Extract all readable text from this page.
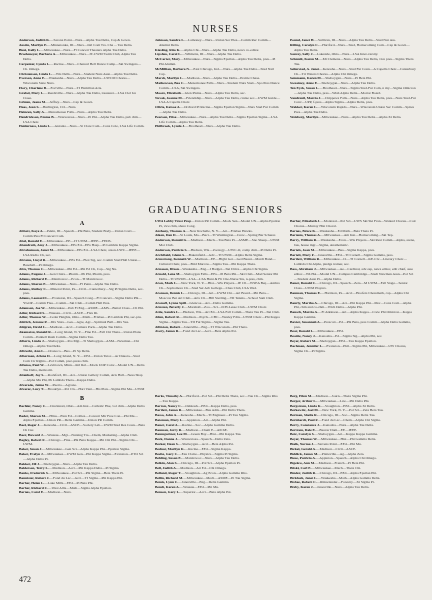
NURSES

Anderson, Judith K.—Sarona Point—Nurs—Alpha Tau Delta, Cap & Gown.

Austin, Marilyn E.—Minnetonka, III—Nurs—Intl Com Tra. Cha ... Tau Delta.

Biesi, Kelly L.—Milwaukee—Nurs—Fl Concert Theaters Alpha Tau Delta.

Brockmeyer, Barbara A.—Milwaukee—Nurs—IT-CWM Swim Club, Alpha Tau Delta.

Carpenter, Lynda L.—Racine—Nurs—Chancel Bell Dance Camp—Ski Swingers—Ch. Omega.

Christenson, Linda L.—Wis Dells—Nurs—Student Nurs Assn—Alpha Tau Delta.

Everson, Anne E.—Waukesha—Nurs—Alpha Tau Delta—UWCM Chorus—Wisconsin State Nurs.

Flory, Charlene B.—Fortville—Nurs—TI Hamilton Arts.

Grabel, Mary L.—Reedsville—Nurs—Alpha Tau Delta, treasurer—LSA Clel Ice Ctaee.

Grimm, Jeana M.—Jeffrey—Nurs—Cap & Gown.

Haas, Jean S.—Burlington, CO—Nurs.

Heinzen, Sally A.—Menomonee Falls—Nurs—Alpha Tau Delta.

Hendrickson, Emma B.—Wauwatosa—Nurs—Pi Phi—Alpha Tau Delta, pub chm—LSA Choir.

Holderness, Linda L.—Antonio—Nurs—St Clare Com—Cons Cole, LSA Life Comm.

Johnson, Sandra L.—Lamoney—Nurs—Union Sec Plea—Comm Rec Comm—Alumni Delta.

Kiesling, Rita K.—Alpha Chi—Nurs—Alpha Tau Delta, news co-editor.

Lipshus, Carol L.—Wilmette, III—Nurs—Alpha Tau Delta.

McCarter, Mary—Milwaukee—Nurs—Sigma Epsilon—Alpha Tau Delta, pres—Pi Phi Alumni.

McMillian, Barbara N.—East Chicago, Ind.—Nurs—Alpha Tau Delta—Stud Natl Cap.

Marsh, Marilyn L.—Madison—Nurs—Alpha Tau Delta—Prairie Chase.

Mathewson, Bea C.—Menomonee Falls—Nurs—Student Nurs Stud—Spo Pres Dance Comm—LSA, Ski Swingers.

Moore, Elizabeth—Glen Plains—Nurs—Alpha Tau Delta, sec.

Novak, Joanne M.—Friendship—Nurs—Alpha Tau Delta, cruise sec—UWM Guide—LSA A Capella Choir.

Olivia, Ketsoe A.—Orchard Pl Racine—Sigma Epsilon Sigma—Nurs Stud Fut Comm—Alpha Tau Delta.

Pearson, Elise—Milwaukee—Nurs—Alpha Tau Delta—Sigma Epsilon Sigma—LSA Life Comm—Alpha Tau Delta.

Philbrook, Lynda J.—Brodhead—Nurs—Alpha Tau Delta.

Pound, Janet H.—Sullivan, III—Nurs—Alpha Tau Delta—Stud Nur Ass.

Rilling, Carolyn C.—Hartford—Nurs—Stud, Homecoming Com—Cap & Gown—Alpha Tau Delta.

Sauvey, Sally J.—Lakeside, Ohio—Nurs—LSA Inter-varsity.

Schmidt, Karen M.—Mt Clemens—Nurs—Alpha Tau Delta, vice pres—Sigma Theta Tau.

Seilerstad, A. Janet—Kenosha—Nurs—Stud Fut Conn—A Capella Choir—Canterbury Ch—Tri Waters Chorus—Alpha Chi Omega.

Semmann, Karen M.—Sheboygan—Nurs—Pi Beta Phi.

Sweatney, Anne E.—Sheboygan—Nurs—Alpha Tau Delta.

Ten Eyck, Susan L.—Brodhead—Nurs—Sigma Stud-Fut Com, n my—Sigma Omicron—Alpha Tau Delta, pres—Wish Alpha Delta—Mortar Board.

Vaudreuil, Marcia J.—Chippewa Falls—Nurs—Alpha Tau Delta, pres—Nurs Stud-Fut Conv—UPP, f-pres—Alpha Sigma—Alpha Delta, pres.

Wakker, Karen L.—Wisconsin Rapids—Nurs—Wisconsin Union Sec Comm—Spires Pres—Alpha Tau Delta.

Weisberg, Marilyn—Milwaukee—Nurs—Alpha Tau Delta—Alpha Xi Delta.

GRADUATING SENIORS
A

Abbott, Kaye A.—Pekin, III—Speech—Phi Beta, Student Body—Union Conv—Comm Plea Fl Concert Com.

Abel, Ronald E.—Milwaukee—EE—IT UWM—IEEE—FEDS.

Abendroth, Amy J.—Milwaukee—EEs Ed—EEs Hasp—Pi Lambda Kappa Sigma.

Abrahamson, Janet M.—Milwaukee—EEs Ed—LSA Choir, arson-UWC—IEEE—LSA Radio Ch, sec.

Abrams, Lloyd R.—Milwaukee—EEs Ed—Flex Sig, sec. Comm Stud Hall Union—Baseball—Pi Omega.

Abts, Thomas C.—Milwaukee—Phi Ed—Phi Ed Ch, Cap—Sig Nu.

Adams, Eugene J.—Gen Clairs—Pharm—Ph Phi, Pharm, pres.

Adams, Richard E.—Manitowoc—Econ—TI Manitowoc.

Adams, Sharon E.—Milwaukee—Nurs—Fl Penn—Alpha Tau Delta.

Adams, Ruthey C.—Mineral Point, Pa—Civil—Canterbury—Sig Pi Sigma Delta, sec-pres.

Adams, Leonard L.—Evanston, III—Speech Cong—Fl Concert—Sigma Delta Phi—YGOP—Comm Flea—Comm—Ski Club—Comm Hall Pres.

Adamson, Joe W.—Milwaukee—Pub Fi Eng—ASME—AMS—Bettal Class—Cli Phi.

Adler, Richard S.—Wausau—Civil—ASCE—Flex Ri.

Adler, Thomas W.—Cedar Heights, Ohio—Math—Frisbee—Pi Lambda Phi, sec-ptu.

Ahlrich, Jerome P.—Dix Stats—Ges—Agre, Agr—Spiritual Ball—Dix Vee.

Ahlgren, David L.—Madison—Acct—Camera Pack—Alpha Tau Delta.

Akamatsu, Ronald R.—Long Island, N. Y.—Fine Ed—Fall Chi Theta—Union Plans Comm—Panhell Rush Comm—Sigma Delta Tau.

Alberts, Linda J.—Sheboygan—Pos Mgt—Ti Sheboygan—ASM—Newman—Chi Omega—Alpha Tau Delta.

Albrecht, Ann L.—Oronoco—Bus—Pi Sp Delta.

Alberman, Arlene D.—Long Island, N. Y.—UEd—Union Tutor—Ar Dakota—Stud Com Cir Rights—Pol Comm, prec-press chm.

Alfonso, Paul W.—Levittown, Minn—Intl Rel—Mock UOP Conv—Model UN—Delta Tau Delta, memo mt.

Altenhoff, Jay S.—Rockford, III—Art—Union Gallery Comm, Arts Hall—Nesa Shap—Alpha Mu Phi, Ph Lambda Theta—Kappa Delta.

Alvarado, Jaime W.—Puerto—Agrono.

Alvarez, Lucy T.—Brooklyn—Pol Cls—Hart Vant—Hts Plan—Sigma Phi Mu—UWM

UWA Lobby Trust Prop—Union PR Comm—Mock Sen—Model UN—Alpha Epsilon Pi, vice chm, share Cong.

Anthony, Thomas A.—New Rochelle, N. Y.—Art—Frisbee Hawks.

Aiken, Dan D.—St Louis, Mo—Bact—TI Washington—Crew—Spring Bar Scherer.

Anderson, Ronald G.—Madison—Mech—Tau Beta Pi—ASME—Sno Sheep—UWM Mot Club.

Anderson, Patricia S.—Hudson, Wis—Zoology—UWC-O, comp chm—Pi Delta Pi.

Archibald, Glenn S.—Bakersfield—Adv—TI UWM—Alpha Delta Sigma.

Armstrong, Kenneth W.—Madison—EE—Hight Ger—Ged Beaut—Mardi Band—Cultural Chair, pres—Brid Marrow—Sigma Tau—Phi Kappa Theta.

Arnason, Dixon—Waukesha—Eng—I Badger—Ski Drive—Alpha Chi Sigma.

Arnold, Lena M.—Sheboygan Falls—EEs—Pi Beta Phi—Ski Club—Mad Senior Phi Delta—TI UWSPI—LSA—LSA Hunt & Fit Che-Nurse Stu, n-pres, chm.

Aron, Mark L.—New York, N. Y.—Hist—Wis Players—IE Cll—WSEA Beq—Anthro Ch—Sophomore Ch—Stud Ser Arb Gollege—Ches Club, LSA Wed.

Aronson, Dennis L.—Chicago, III—Art—UWM Chr—Art Board—Phi Beta—Moscow Bet Art Club—Arts Cli—Hill Sterling—TII Tennis—School Sam Club.

Aronoff, Lynne Spill—Glencoe—Art—Delta Gamma.

Arnston, Beverly J.—Marshall—Zoo—Sci—ICH-Lesse Club—UWM Choir.

Attie, Sandra L.—Hudson, Wis—Art Ed—LSA Fall Comm—Theta Tau Pi—Ski Club.

Allen, Robert R.—Madison—Psych—CBC—Wesley Fdtn—UWM Choir—Phi Kappa Sigma—Sigma Tau—TII Fut Sigma—Sigma Tau.

Albiston, Robert—Janesville—Eng—TI Wisconsin—Phi Theta.

Avery, James R.—Fond du Lac—Acct—Beta Alpha Psi.

Barber, Elizabeth J.—Montreal—Pol Sci—UWS Ski Ski Fran—Wanted Chorus—Coir Chorus—Murray Hist Choral.

Barnes, Bruce K.—Waukesha—Ed Math—Beta Theta Pi.

Barnum, Thomas A.—Milwaukee—Am Inst—Homecoming—Ski Tep.

Barry, William R.—Waukesha—Econ—Wis Players—Ski Rest Comm—Alpha, arena, bus, house mgr—Sigma, Anathematic.

Bartels, Joan M.—Milwaukee—Bus—Sigma Kappa, pres.

Bartelt, Mary F.—Janesville—EEd—TI Cornell—Sigma Gamma, pres.

Bartlett, William R.—Milwaukee—Ci—TI Cornell—KE-Civ—Literary Choir—Lambda Chi Alpha, pledge trainer, sec.

Bass, Abraham J.—Milwaukee—Ae—Cardinal, adv-rep, news editor, edit chief, asso editor—WLHA—Model UN—Campus Cambridge—Studt Newman Assn—Pol Sci—Student Assn Pi—Alpha Delta.

Bauer, Donald C.—Chicago, III—Speech—Zeta—M UWM—Fall Stage—Senior Class—UWM Players.

Bauman, Thomas E.—Harrison, Pa—Acct—Hoofers Chessmath, cap—Alpha Chi Sigma.

Baurly, Martha A.—Chicago, III—Art—Phi Kappa Phi—Mor—Cons Com—Alpha Phi, chm and co-chm—Wich Delta—Alpha Phi.

Bausch, Marcia A.—Ft Atkinson—Art—Alpha Kappa—Crew Phi Omicron—Kappa Kappa Gamma.

Baxter, Susannah A.—Prescott—Ed—Phi Beta, pres Comm—Alpha Delta Gamma, pres.

Bear, Donald L.—Milwaukee—EEd.

Beattie, Nancy J.—Kenosha—Ed—Sigma Sig—Alpha Phi, sec.

Beyer, Robert M.—Sheboygan—EEd—Tau Kappa Epsilon.

Bachman, Jennifer L.—Evanston—Phil—Sigma Phi, Milwaukee—UW Chorus, Sigma Ch—Pi Sigma.

B

Bachler, Nancy C.—Cincinnati, Ohio—Am Inst—Catholic Hse, vol chm—Alpha Delta Gamma.

Bader, Sharon M.—Hlias—Elen Ed—Collies—Concert Mir Free Con—Phi Mu—Alpha Epsilon—Union PR—Delta Gamma—Union PR Comm.

Bael, Roger J.—Kenosha—Civil—ASCE—Society Lab—UWM Stud Res Coun—Beta Ch Cur.

Baer, Howard J.—Wausau—Mgt—Nursing Tra—Chem, Marketing—Alpha Club.

Bagley, Robert F.—Chicago—Fins—Phi Beta Kappa—Phi Chi Phi—Sigma Chi—UWM.

Baker, Susan J.—Milwaukee—Gen Sci—Alpha Kappa Phi—Epsilon Sigma.

Baker, Evelyn J.—Milwaukee—UWM Gen—Phi Kappa Sigma—Evanston—PTO Sci—Alpha Delta Pi.

Bakker, Jill J.—Sheboygan—Nurs—Alpha Tau Delta.

Balderson, Terry L.—Madison—Acct—Phi Kappa Delta—Pi Sigma.

Banks, Frederick S.—Milwaukee—Pol Sci—Phi Sigma—Beta Theta Pi.

Bannister, Robert J.—Fond du Lac—Acct—TI Sigma—Phi Kappa Phi.

Barber, Helen L.—Lake Mills—EEd—Pi Beta Phi.

Barber, Richard C.—West Allis—Math—Sigma Alpha Epsilon.

Barnes, Carol E.—Madison—Nurs.

Barks, Timothy A.—Hartford—Pol Sci—Phi Delta Theta, sec—Tau Ch—Sigma Rho—Tau Kappa.

Barron, Nancy C.—Oshkosh—EEd—Kappa Delta, pres.

Bartlett, James R.—Milwaukee—Bus Adm—Phi Delta Theta.

Basso, John A.—Kenosha—Mech—TI Engineer—Pi Tau Sigma.

Bateman, Mary L.—Appleton—Art—Alpha Phi.

Bauer, Carol A.—Racine—Soc—Alpha Gamma Delta.

Bauman, Jerry R.—Madison—Chem E—AIChE.

Baumgartner, Lee M.—Green Bay—Hist—Phi Kappa Tau.

Beck, Donna J.—Wauwatosa—Speech—Delta Zeta.

Becker, Dean S.—Sheboygan—Acct—Beta Alpha Psi.

Bednar, Marilyn K.—Racine—EEd—Sigma Kappa.

Beebe, Gary C.—Eau Claire—Physics—Sigma Pi Sigma.

Behling, Susan E.—Manitowoc—Nurs—Alpha Tau Delta.

Belkin, Alan S.—Chicago, III—Pol Sci—Alpha Epsilon Pi.

Bell, Judith A.—Madison—Art Ed—Chi Omega.

Belland, Roger T.—Stoughton—Ag Econ—Alpha Gamma Rho.

Bellin, Richard M.—Milwaukee—Mech—ASME—Pi Tau Sigma.

Bemis, Lynn C.—Janesville—Eng—Delta Gamma.

Bendt, Karen A.—Wausau—EEd—Phi Mu.

Benson, Gary L.—Superior—Acct—Beta Alpha Psi.

Berg, Ellen M.—Madison—Journ—Theta Sigma Phi.

Berger, Arthur L.—Milwaukee—Law—Phi Delta Phi.

Bergstrom, Linda K.—Stoughton—EEd—Alpha Xi Delta.

Berkowitz, Joel M.—New York, N. Y.—Pol Sci—Zeta Beta Tau.

Berman, Sheila R.—Chicago, III—Soc—Sigma Delta Tau.

Bernhardt, Paul F.—Fond du Lac—Chem—Alpha Chi Sigma.

Berry, Constance J.—Kenosha—Nurs—Alpha Tau Delta.

Bertram, Dale E.—Beaver Dam—EE—IEEE.

Betz, Carolyn S.—Sheboygan—Art—Kappa Kappa Gamma.

Beyer, Thomas W.—Milwaukee—Hist—Phi Gamma Delta.

Bialk, Norma J.—Stevens Point—EEd—Phi Mu.

Bickel, Gerald A.—Madison—Civil—ASCE.

Biddick, James M.—Platteville—Ag—Alpha Zeta.

Biese, Patricia A.—Appleton—Speech—Alpha Chi Omega.

Bigelow, Ann M.—Madison—French—Pi Beta Phi.

Bilski, Carl E.—Milwaukee—Mech—Theta Chi.

Binder, Judith R.—Chicago, III—EEd—Alpha Epsilon Phi.

Birkholz, Janet L.—Waukesha—Math—Alpha Gamma Delta.

Bisbee, Robert C.—Rhinelander—Forestry—Xi Sigma Pi.

Bixby, Karen J.—Janesville—Nurs—Alpha Tau Delta.

472
